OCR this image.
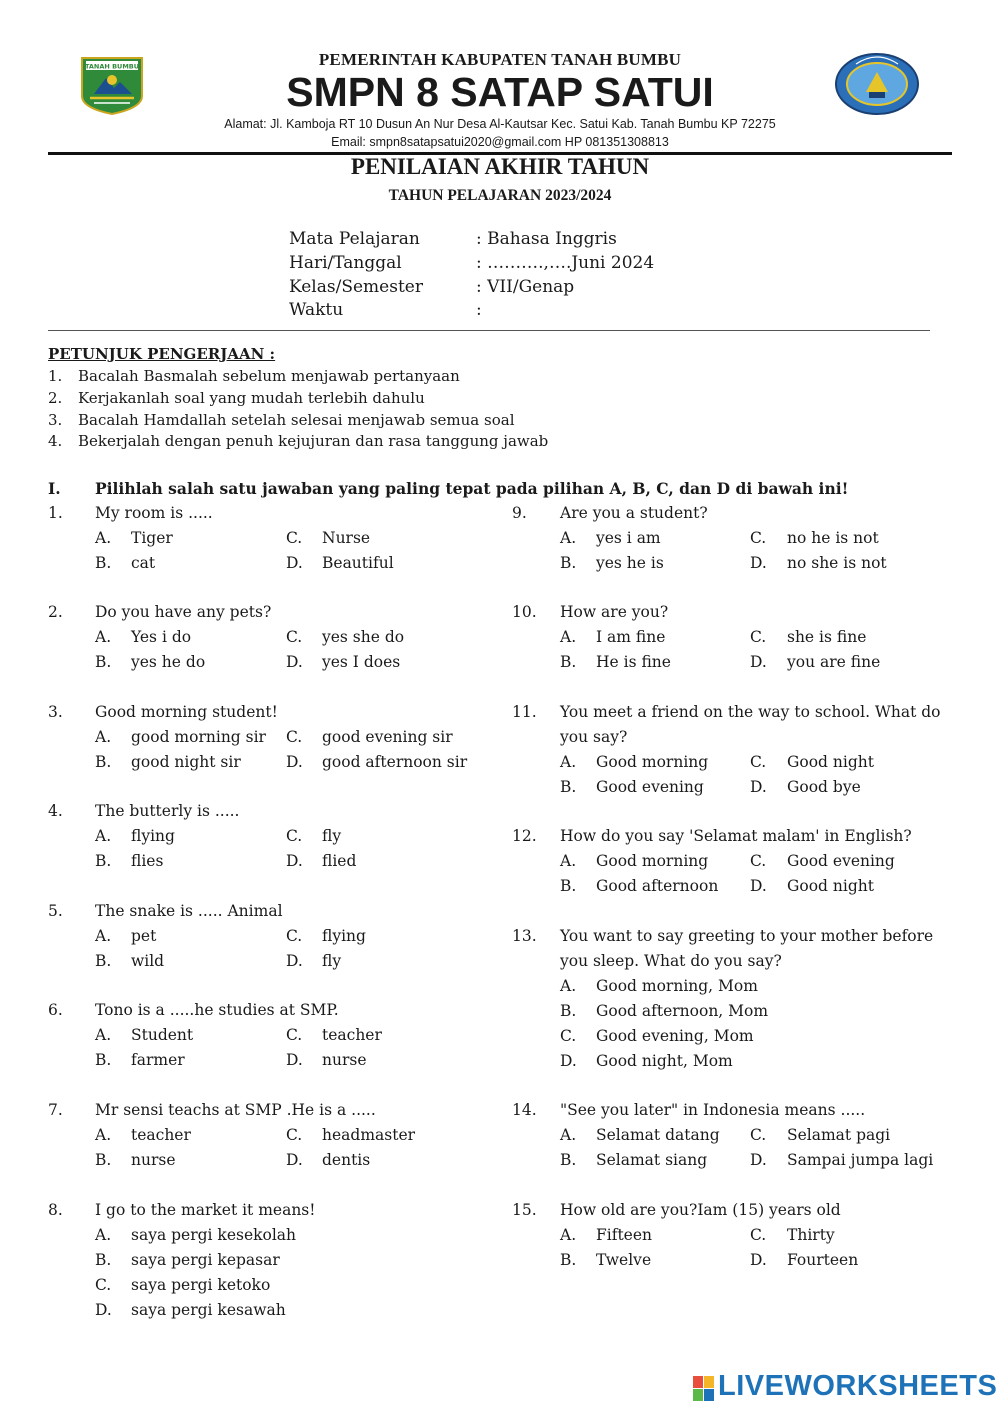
TANAH BUMBU	PEMERINTAH KABUPATEN TANAH BUMBU
SMPN 8 SATAP SATUI
Alamat: Jl. Kamboja RT 10 Dusun An Nur Desa Al-Kautsar Kec. Satui Kab. Tanah Bumbu KP 72275
Email: smpn8satapsatui2020@gmail.com HP 081351308813
PENILAIAN AKHIR TAHUN
TAHUN PELAJARAN 2023/2024
Mata Pelajaran	: Bahasa Inggris
Hari/Tanggal	: ……….,….Juni 2024
Kelas/Semester	: VII/Genap
Waktu	:
PETUNJUK PENGERJAAN :
1. Bacalah Basmalah sebelum menjawab pertanyaan
2. Kerjakanlah soal yang mudah terlebih dahulu
3. Bacalah Hamdallah setelah selesai menjawab semua soal
4. Bekerjalah dengan penuh kejujuran dan rasa tanggung jawab
I. Pilihlah salah satu jawaban yang paling tepat pada pilihan A, B, C, dan D di bawah ini!
1. My room is .....
A. Tiger
B. cat
C. Nurse
D. Beautiful
2. Do you have any pets?
A. Yes i do
B. yes he do
C. yes she do
D. yes I does
3. Good morning student!
A. good morning sir
B. good night sir
C. good evening sir
D. good afternoon sir
4. The butterly is .....
A. flying
B. flies
C. fly
D. flied
5. The snake is ..... Animal
A. pet
B. wild
C. flying
D. fly
6. Tono is a .....he studies at SMP.
A. Student
B. farmer
C. teacher
D. nurse
7. Mr sensi teachs at SMP .He is a .....
A. teacher
B. nurse
C. headmaster
D. dentis
8. I go to the market it means!
A. saya pergi kesekolah
B. saya pergi kepasar
C. saya pergi ketoko
D. saya pergi kesawah
9. Are you a student?
A. yes i am
B. yes he is
C. no he is not
D. no she is not
10. How are you?
A. I am fine
B. He is fine
C. she is fine
D. you are fine
11. You meet a friend on the way to school. What do
you say?
A. Good morning
B. Good evening
C. Good night
D. Good bye
12. How do you say 'Selamat malam' in English?
A. Good morning
B. Good afternoon
C. Good evening
D. Good night
13. You want to say greeting to your mother before
you sleep. What do you say?
A. Good morning, Mom
B. Good afternoon, Mom
C. Good evening, Mom
D. Good night, Mom
14. "See you later" in Indonesia means .....
A. Selamat datang
B. Selamat siang
C. Selamat pagi
D. Sampai jumpa lagi
15. How old are you?Iam (15) years old
A. Fifteen
B. Twelve
C. Thirty
D. Fourteen
LIVEWORKSHEETS
